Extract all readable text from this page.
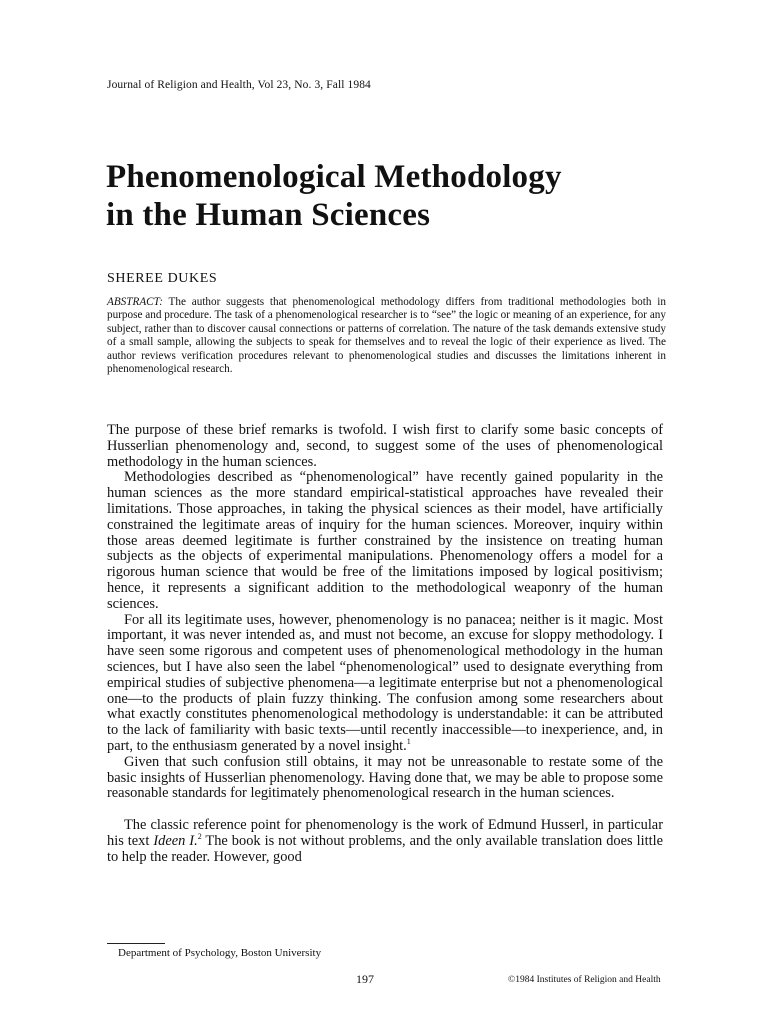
Journal of Religion and Health, Vol 23, No. 3, Fall 1984
Phenomenological Methodology
in the Human Sciences
SHEREE DUKES

ABSTRACT: The author suggests that phenomenological methodology differs from traditional methodologies both in purpose and procedure. The task of a phenomenological researcher is to “see” the logic or meaning of an experience, for any subject, rather than to discover causal connections or patterns of correlation. The nature of the task demands extensive study of a small sample, allowing the subjects to speak for themselves and to reveal the logic of their experience as lived. The author reviews verification procedures relevant to phenomenological studies and discusses the limitations inherent in phenomenological research.

The purpose of these brief remarks is twofold. I wish first to clarify some basic concepts of Husserlian phenomenology and, second, to suggest some of the uses of phenomenological methodology in the human sciences.

Methodologies described as “phenomenological” have recently gained popularity in the human sciences as the more standard empirical-statistical approaches have revealed their limitations. Those approaches, in taking the physical sciences as their model, have artificially constrained the legitimate areas of inquiry for the human sciences. Moreover, inquiry within those areas deemed legitimate is further constrained by the insistence on treating human subjects as the objects of experimental manipulations. Phenomenology offers a model for a rigorous human science that would be free of the limitations imposed by logical positivism; hence, it represents a significant addition to the methodological weaponry of the human sciences.

For all its legitimate uses, however, phenomenology is no panacea; neither is it magic. Most important, it was never intended as, and must not become, an excuse for sloppy methodology. I have seen some rigorous and competent uses of phenomenological methodology in the human sciences, but I have also seen the label “phenomenological” used to designate everything from empirical studies of subjective phenomena—a legitimate enterprise but not a phenomenological one—to the products of plain fuzzy thinking. The confusion among some researchers about what exactly constitutes phenomenological methodology is understandable: it can be attributed to the lack of familiarity with basic texts—until recently inaccessible—to inexperience, and, in part, to the enthusiasm generated by a novel insight.$^1$

Given that such confusion still obtains, it may not be unreasonable to restate some of the basic insights of Husserlian phenomenology. Having done that, we may be able to propose some reasonable standards for legitimately phenomenological research in the human sciences.

The classic reference point for phenomenology is the work of Edmund Husserl, in particular his text Ideen I.$^2$ The book is not without problems, and the only available translation does little to help the reader. However, good

Department of Psychology, Boston University
197	©1984 Institutes of Religion and Health
